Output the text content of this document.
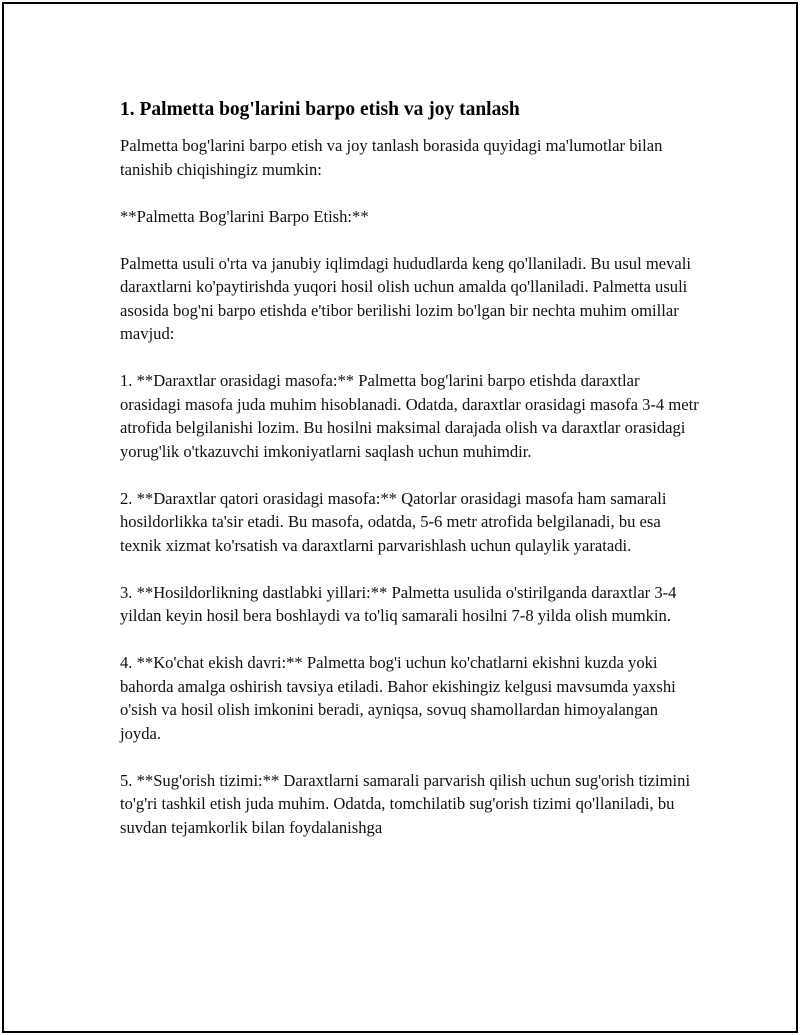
1. Palmetta bog'larini barpo etish va joy tanlash

Palmetta bog'larini barpo etish va joy tanlash borasida quyidagi ma'lumotlar bilan tanishib chiqishingiz mumkin:

**Palmetta Bog'larini Barpo Etish:**

Palmetta usuli o'rta va janubiy iqlimdagi hududlarda keng qo'llaniladi. Bu usul mevali daraxtlarni ko'paytirishda yuqori hosil olish uchun amalda qo'llaniladi. Palmetta usuli asosida bog'ni barpo etishda e'tibor berilishi lozim bo'lgan bir nechta muhim omillar mavjud:

1. **Daraxtlar orasidagi masofa:** Palmetta bog'larini barpo etishda daraxtlar orasidagi masofa juda muhim hisoblanadi. Odatda, daraxtlar orasidagi masofa 3-4 metr atrofida belgilanishi lozim. Bu hosilni maksimal darajada olish va daraxtlar orasidagi yorug'lik o'tkazuvchi imkoniyatlarni saqlash uchun muhimdir.

2. **Daraxtlar qatori orasidagi masofa:** Qatorlar orasidagi masofa ham samarali hosildorlikka ta'sir etadi. Bu masofa, odatda, 5-6 metr atrofida belgilanadi, bu esa texnik xizmat ko'rsatish va daraxtlarni parvarishlash uchun qulaylik yaratadi.

3. **Hosildorlikning dastlabki yillari:** Palmetta usulida o'stirilganda daraxtlar 3-4 yildan keyin hosil bera boshlaydi va to'liq samarali hosilni 7-8 yilda olish mumkin.

4. **Ko'chat ekish davri:** Palmetta bog'i uchun ko'chatlarni ekishni kuzda yoki bahorda amalga oshirish tavsiya etiladi. Bahor ekishingiz kelgusi mavsumda yaxshi o'sish va hosil olish imkonini beradi, ayniqsa, sovuq shamollardan himoyalangan joyda.

5. **Sug'orish tizimi:** Daraxtlarni samarali parvarish qilish uchun sug'orish tizimini to'g'ri tashkil etish juda muhim. Odatda, tomchilatib sug'orish tizimi qo'llaniladi, bu suvdan tejamkorlik bilan foydalanishga
